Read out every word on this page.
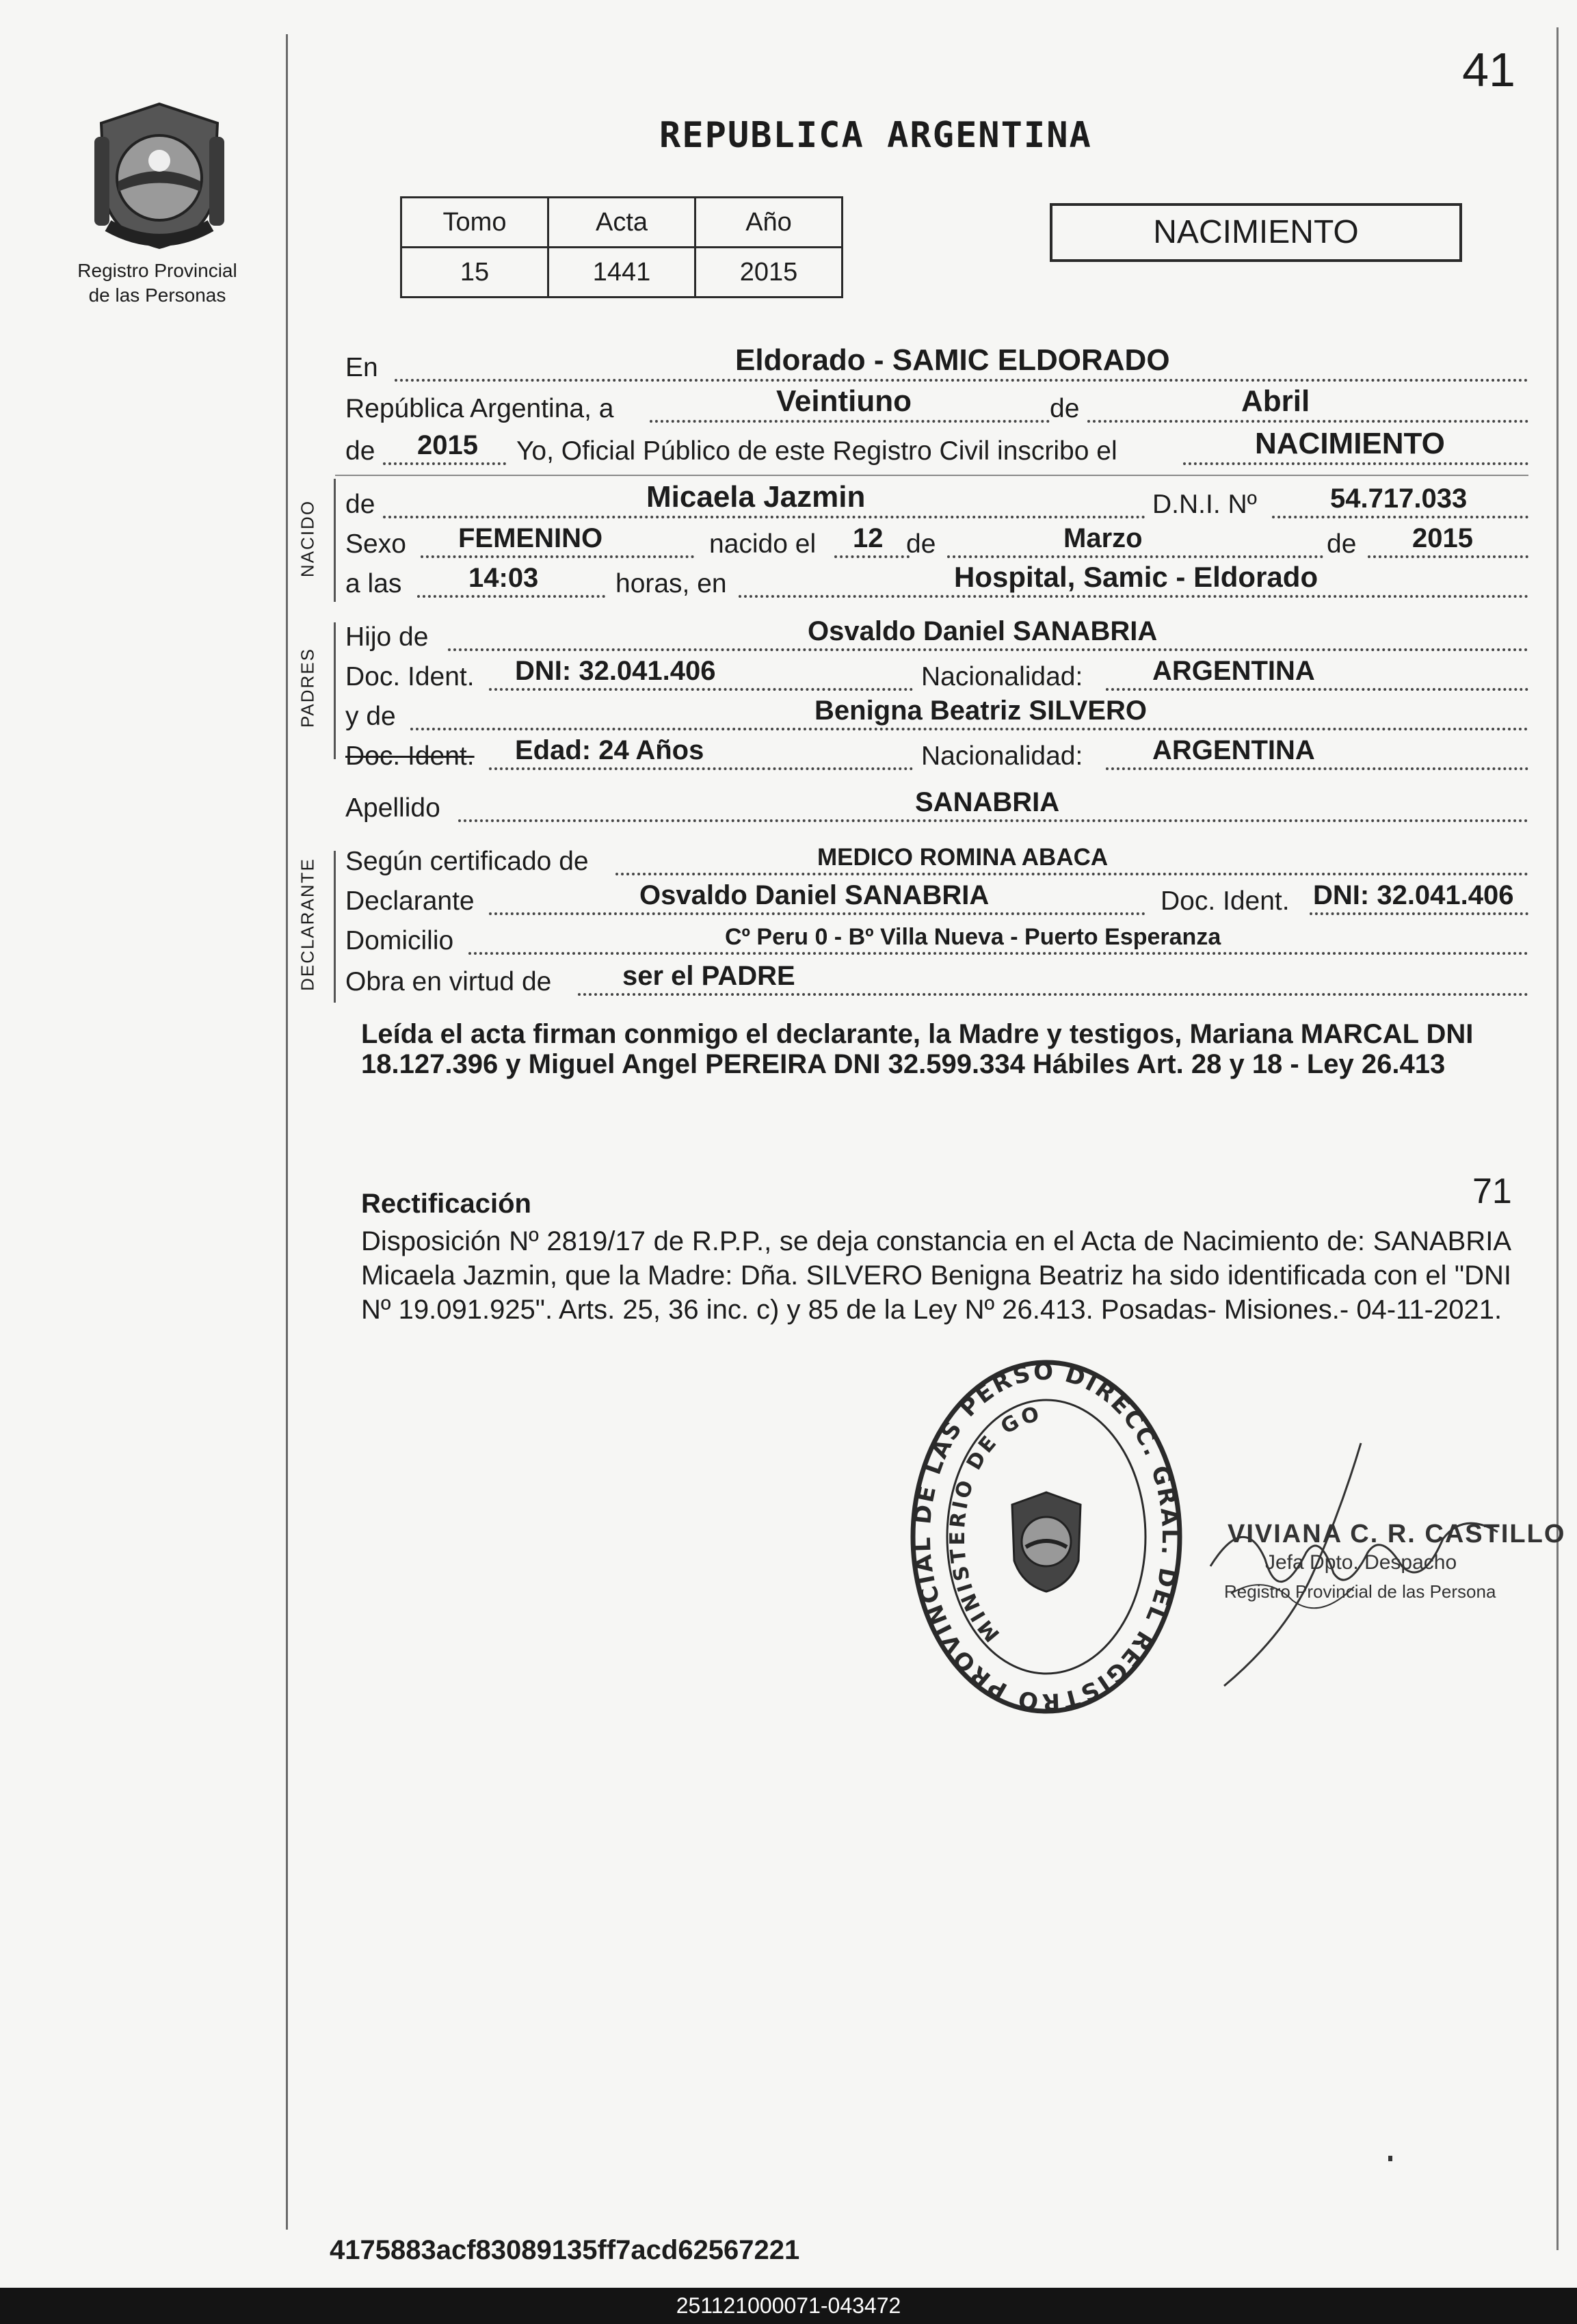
41
REPUBLICA ARGENTINA
Registro Provincial
de las Personas
Tomo	Acta	Año
15	1441	2015
NACIMIENTO
En	Eldorado - SAMIC ELDORADO
República Argentina, a	Veintiuno	de	Abril
de 2015 Yo, Oficial Público de este Registro Civil inscribo el	NACIMIENTO
NACIDO de	Micaela Jazmin	D.N.I. Nº	54.717.033
Sexo FEMENINO	nacido el 12 de	Marzo	de 2015
a las 14:03	horas, en	Hospital, Samic - Eldorado
PADRES
Hijo de	Osvaldo Daniel SANABRIA
Doc. Ident. DNI: 32.041.406	Nacionalidad:	ARGENTINA
y de	Benigna Beatriz SILVERO
Doc. Ident. Edad: 24 Años	Nacionalidad:	ARGENTINA
Apellido	SANABRIA
DECLARANTE Según certificado de	MEDICO ROMINA ABACA
Declarante	Osvaldo Daniel SANABRIA	Doc. Ident. DNI: 32.041.406
Domicilio	Cº Peru 0 - Bº Villa Nueva - Puerto Esperanza
Obra en virtud de	ser el PADRE
Leída el acta firman conmigo el declarante, la Madre y testigos, Mariana MARCAL DNI 18.127.396 y Miguel Angel PEREIRA DNI 32.599.334 Hábiles Art. 28 y 18 - Ley 26.413
Rectificación	71
Disposición Nº 2819/17 de R.P.P., se deja constancia en el Acta de Nacimiento de: SANABRIA Micaela Jazmin, que la Madre: Dña. SILVERO Benigna Beatriz ha sido identificada con el "DNI Nº 19.091.925". Arts. 25, 36 inc. c) y 85 de la Ley Nº 26.413. Posadas- Misiones.- 04-11-2021.
DIRECC. GRAL. DEL REGISTRO PROVINCIAL DE LAS PERSO
MINISTERIO DE GO
VIVIANA C. R. CASTILLO
Jefa Dpto. Despacho
Registro Provincial de las Persona
4175883acf83089135ff7acd62567221
251121000071-043472
